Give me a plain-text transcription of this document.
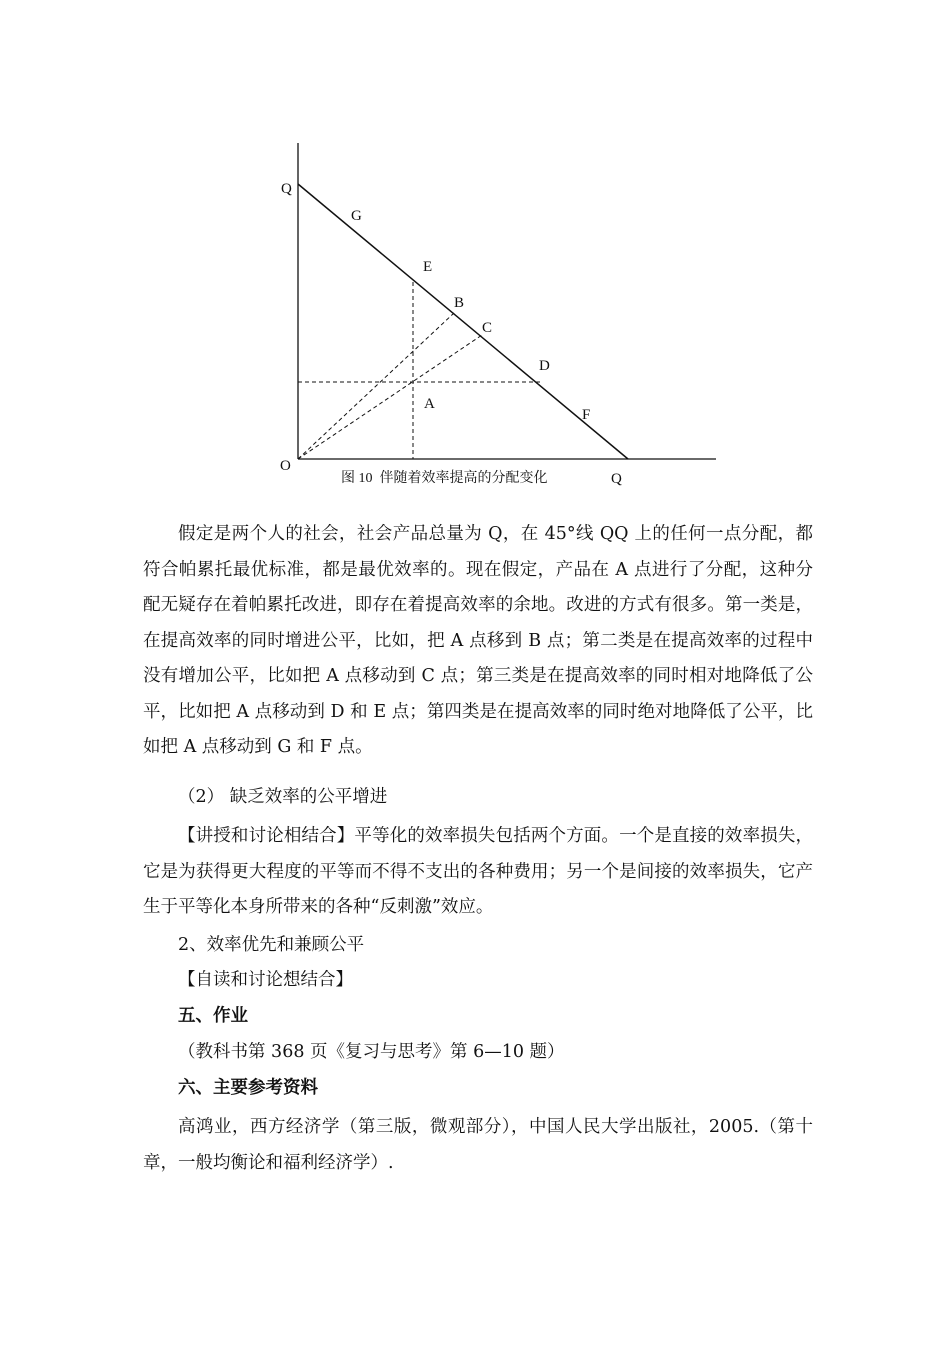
Q
G
E
B
C
D
A
F
O
Q
图 10  伴随着效率提高的分配变化

假定是两个人的社会，社会产品总量为 Q，在 45°线 QQ 上的任何一点分配，都符合帕累托最优标准，都是最优效率的。现在假定，产品在 A 点进行了分配，这种分配无疑存在着帕累托改进，即存在着提高效率的余地。改进的方式有很多。第一类是，在提高效率的同时增进公平，比如，把 A 点移到 B 点；第二类是在提高效率的过程中没有增加公平，比如把 A 点移动到 C 点；第三类是在提高效率的同时相对地降低了公平，比如把 A 点移动到 D 和 E 点；第四类是在提高效率的同时绝对地降低了公平，比如把 A 点移动到 G 和 F 点。

（2） 缺乏效率的公平增进

【讲授和讨论相结合】平等化的效率损失包括两个方面。一个是直接的效率损失，它是为获得更大程度的平等而不得不支出的各种费用；另一个是间接的效率损失，它产生于平等化本身所带来的各种“反刺激”效应。

2、效率优先和兼顾公平
【自读和讨论想结合】
五、作业
（教科书第 368 页《复习与思考》第 6—10 题）
六、主要参考资料

高鸿业，西方经济学（第三版，微观部分），中国人民大学出版社，2005.（第十章，一般均衡论和福利经济学）.
